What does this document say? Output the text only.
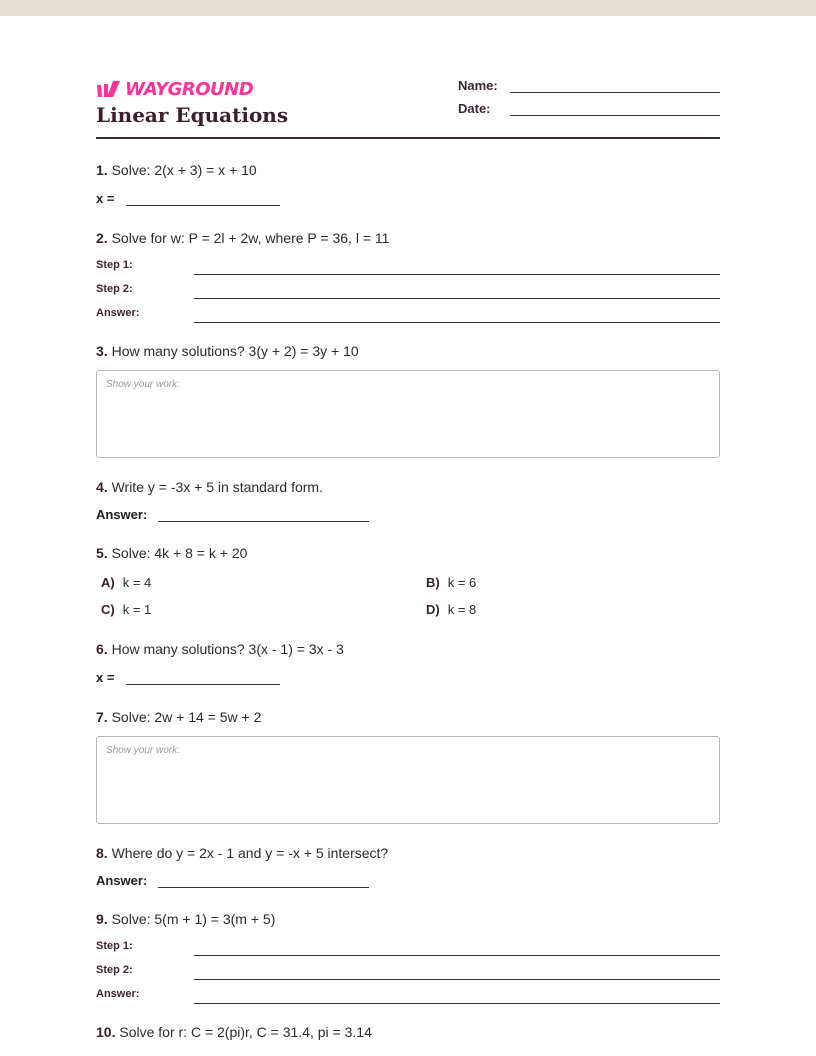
WAYGROUND
Linear Equations
Name:
Date:
1. Solve: 2(x + 3) = x + 10
x =
2. Solve for w: P = 2l + 2w, where P = 36, l = 11
Step 1:
Step 2:
Answer:
3. How many solutions? 3(y + 2) = 3y + 10
Show your work:
4. Write y = -3x + 5 in standard form.
Answer:
5. Solve: 4k + 8 = k + 20
A) k = 4	B) k = 6
C) k = 1	D) k = 8
6. How many solutions? 3(x - 1) = 3x - 3
x =
7. Solve: 2w + 14 = 5w + 2
Show your work:
8. Where do y = 2x - 1 and y = -x + 5 intersect?
Answer:
9. Solve: 5(m + 1) = 3(m + 5)
Step 1:
Step 2:
Answer:
10. Solve for r: C = 2(pi)r, C = 31.4, pi = 3.14
